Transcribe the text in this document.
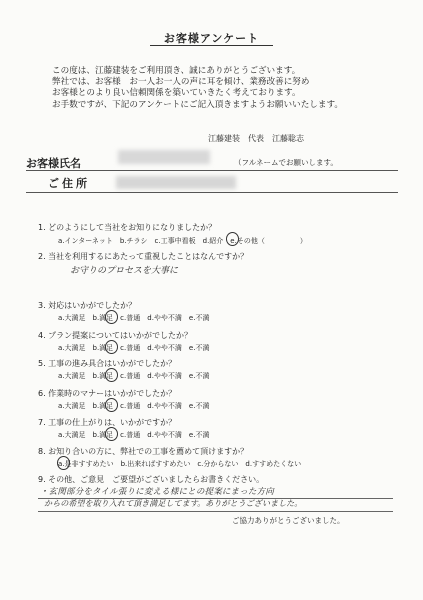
お客様アンケート
この度は、江藤建装をご利用頂き、誠にありがとうございます。
弊社では、お客様　お一人お一人の声に耳を傾け、業務改善に努め
お客様とのより良い信頼関係を築いていきたく考えております。
お手数ですが、下記のアンケートにご記入頂きますようお願いいたします。
江藤建装　代表　江藤聡志
お客様氏名	（フルネームでお願いします。
ご住所
1. どのようにして当社をお知りになりましたか？
a.インターネット　b.チラシ　c.工事中看板　d.紹介　e.その他（　　　　　）
2. 当社を利用するにあたって重視したことはなんですか？
お守りのプロセスを大事に
3. 対応はいかがでしたか？
a.大満足　b.満足　c.普通　d.やや不満　e.不満
4. プラン提案についてはいかがでしたか？
a.大満足　b.満足　c.普通　d.やや不満　e.不満
5. 工事の進み具合はいかがでしたか？
a.大満足　b.満足　c.普通　d.やや不満　e.不満
6. 作業時のマナーはいかがでしたか？
a.大満足　b.満足　c.普通　d.やや不満　e.不満
7. 工事の仕上がりは、いかがですか？
a.大満足　b.満足　c.普通　d.やや不満　e.不満
8. お知り合いの方に、弊社での工事を薦めて頂けますか？
a.是非すすめたい　b.出来ればすすめたい　c.分からない　d.すすめたくない
9. その他、ご意見　ご要望がございましたらお書きください。
・玄関部分をタイル張りに変える様にとの提案にまった方向
からの希望を取り入れて頂き満足してます。ありがとうございました。
ご協力ありがとうございました。
